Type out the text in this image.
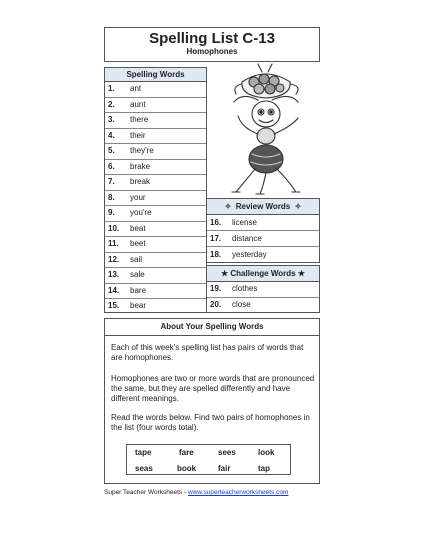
Spelling List C-13
Homophones
Spelling Words
1. ant
2. aunt
3. there
4. their
5. they're
6. brake
7. break
8. your
9. you're
10. beat
11. beet
12. sail
13. sale
14. bare
15. bear
✧ Review Words ✧
16. license
17. distance
18. yesterday
★ Challenge Words ★
19. clothes
20. close
About Your Spelling Words

Each of this week's spelling list has pairs of words that are homophones.

Homophones are two or more words that are pronounced the same, but they are spelled differently and have different meanings.

Read the words below. Find two pairs of homophones in the list (four words total).

tape	fare	sees	look
seas	book	fair	tap
Super Teacher Worksheets - www.superteacherworksheets.com
